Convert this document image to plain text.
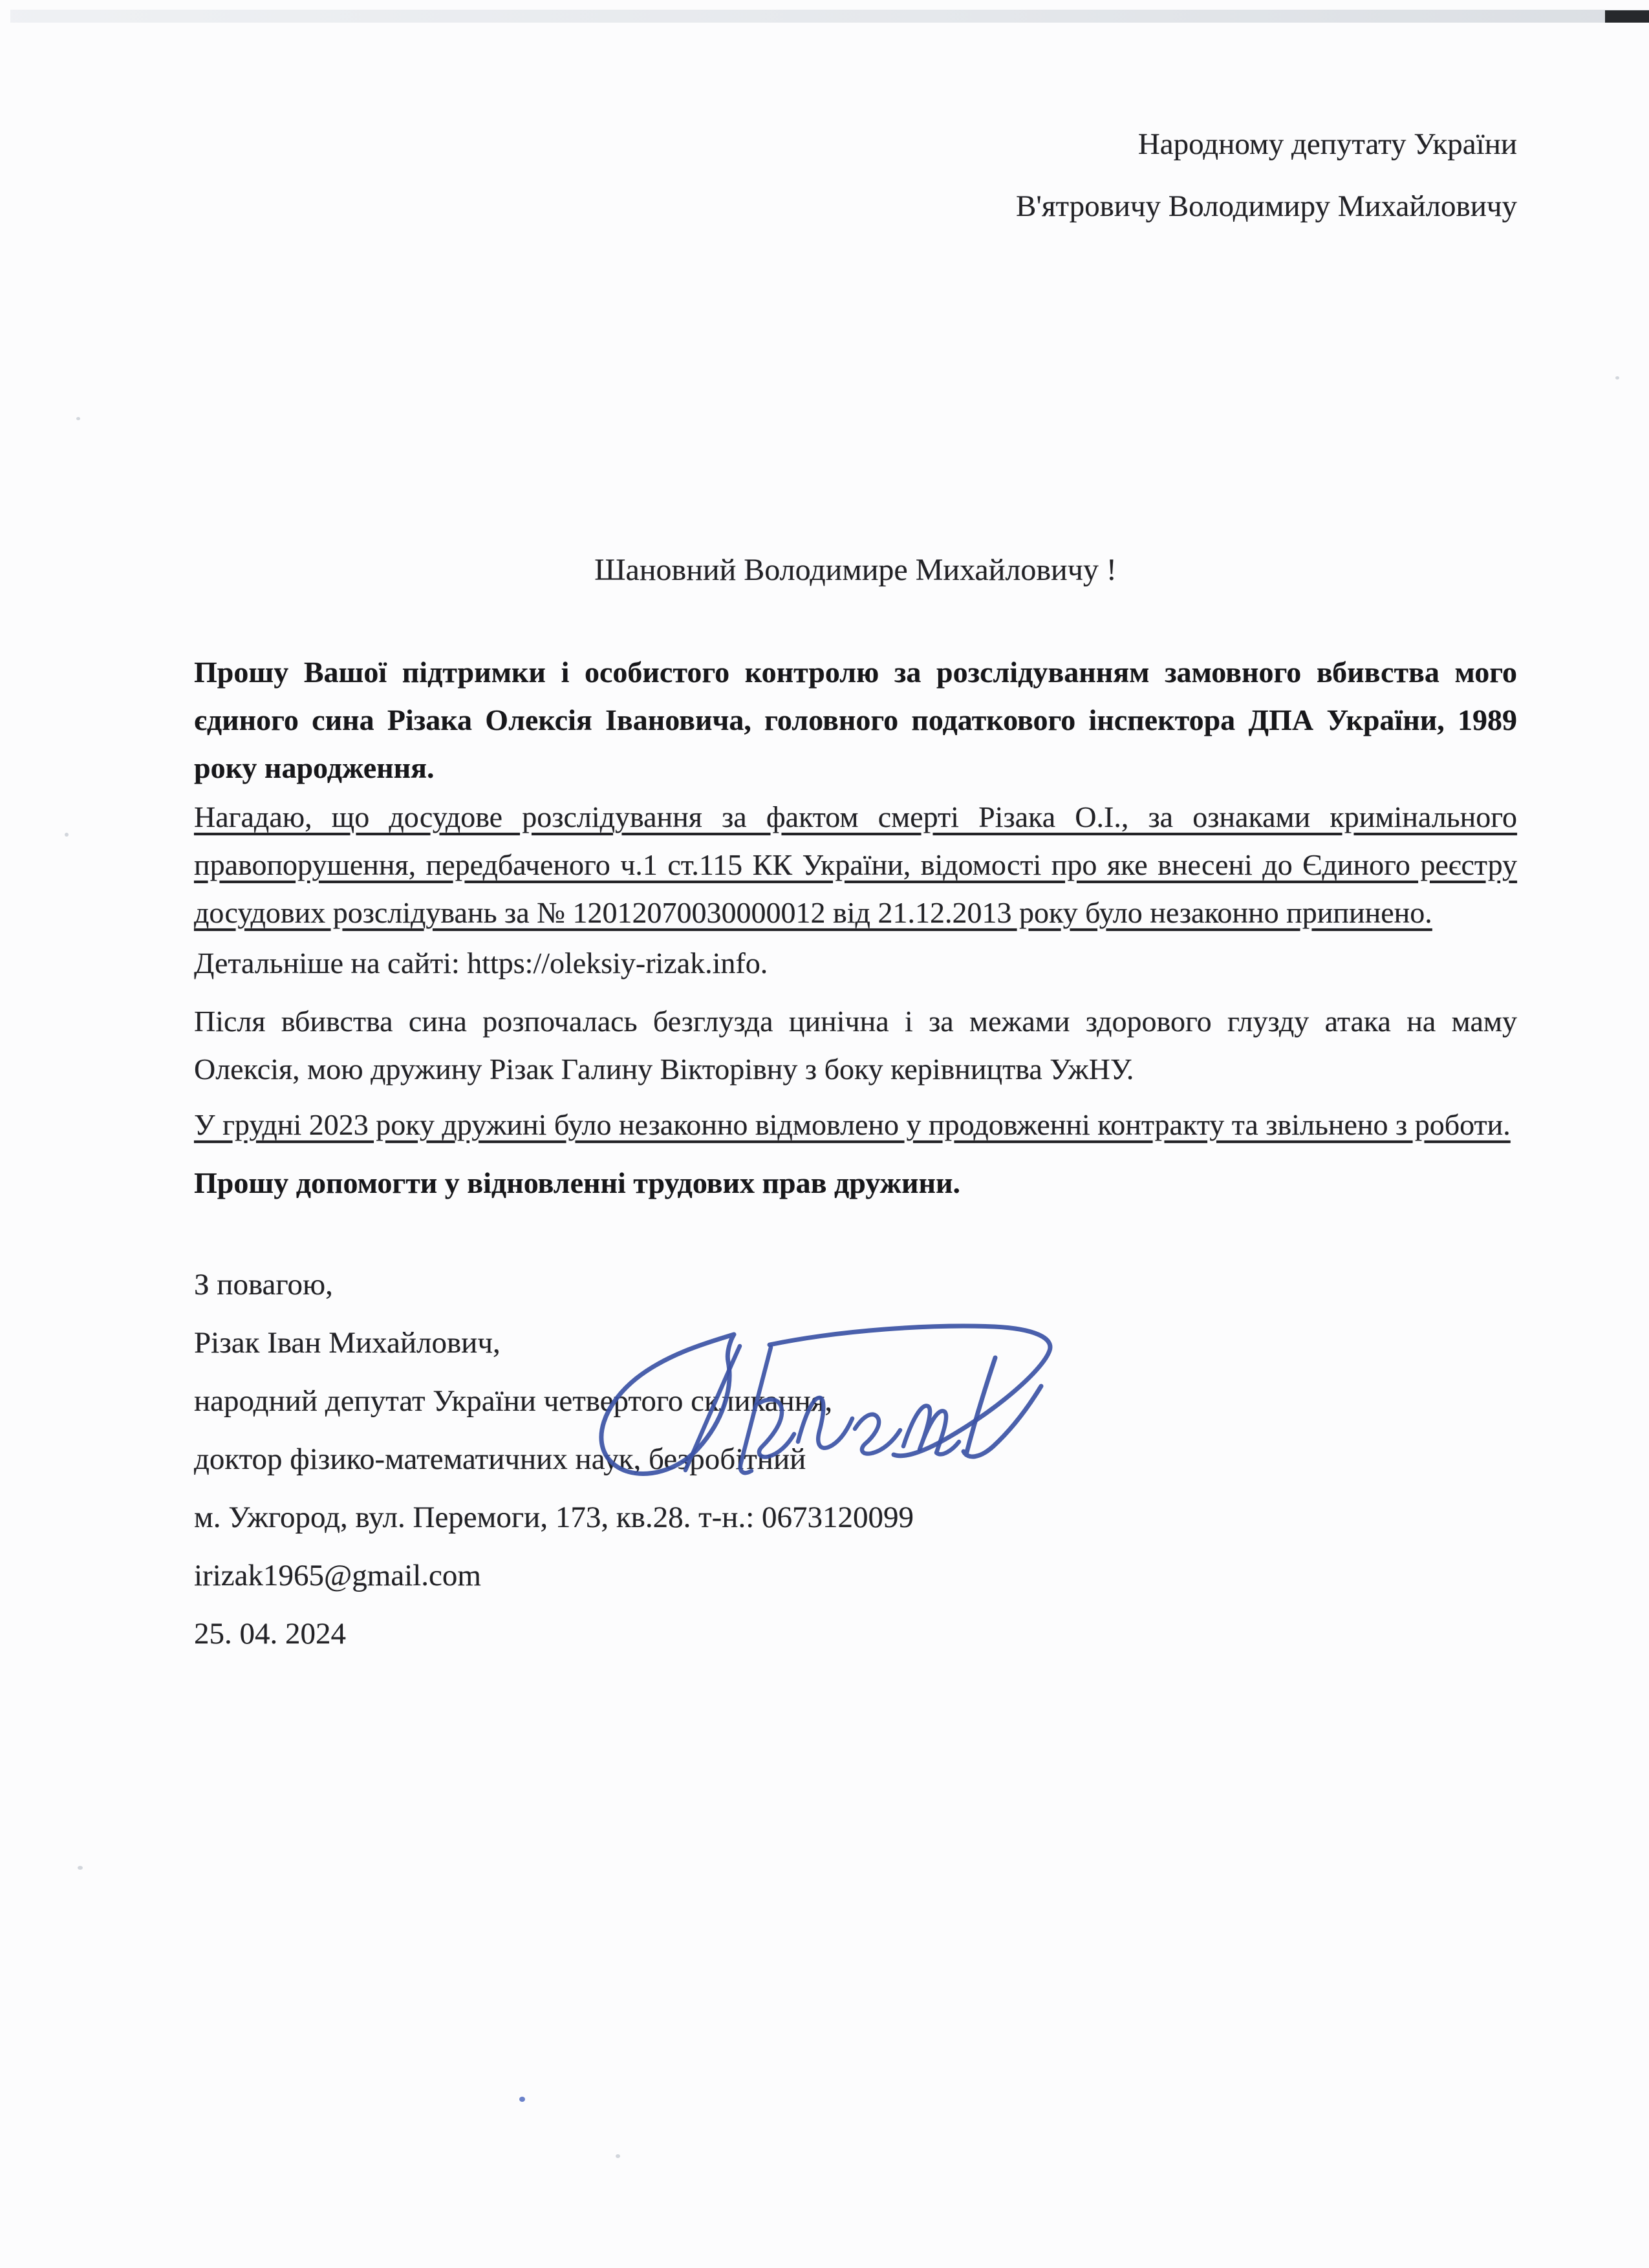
Народному депутату України
В'ятровичу Володимиру Михайловичу
Шановний Володимире Михайловичу !

Прошу Вашої підтримки і особистого контролю за розслідуванням замовного вбивства мого єдиного сина Різака Олексія Івановича, головного податкового інспектора ДПА України, 1989 року народження.

Нагадаю, що досудове розслідування за фактом смерті Різака О.І., за ознаками кримінального правопорушення, передбаченого ч.1 ст.115 КК України, відомості про яке внесені до Єдиного реєстру досудових розслідувань за № 12012070030000012 від 21.12.2013 року було незаконно припинено.

Детальніше на сайті: https://oleksiy-rizak.info.

Після вбивства сина розпочалась безглузда цинічна і за межами здорового глузду атака на маму Олексія, мою дружину Різак Галину Вікторівну з боку керівництва УжНУ.

У грудні 2023 року дружині було незаконно відмовлено у продовженні контракту та звільнено з роботи.

Прошу допомогти у відновленні трудових прав дружини.

З повагою,
Різак Іван Михайлович,
народний депутат України четвертого скликання,
доктор фізико-математичних наук, безробітний
м. Ужгород, вул. Перемоги, 173, кв.28. т-н.: 0673120099
irizak1965@gmail.com
25. 04. 2024
